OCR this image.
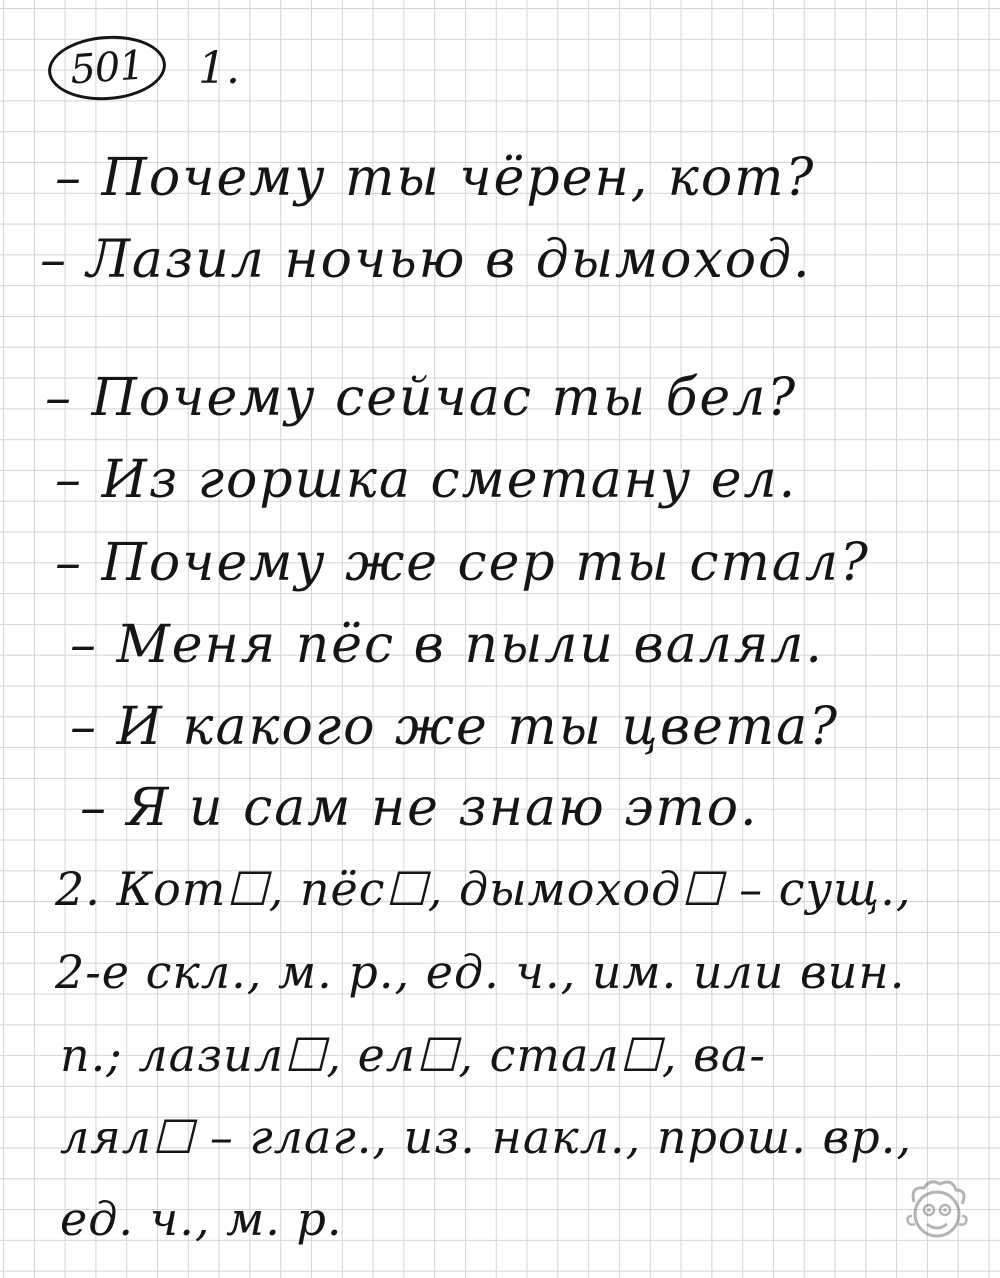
501	1.
– Почему ты чёрен, кот?
– Лазил ночью в дымоход.
– Почему сейчас ты бел?
– Из горшка сметану ел.
– Почему же сер ты стал?
– Меня пёс в пыли валял.
– И какого же ты цвета?
– Я и сам не знаю это.
2. Кот☐, пёс☐, дымоход☐ – сущ.,
2-е скл., м. р., ед. ч., им. или вин.
п.; лазил☐, ел☐, стал☐, ва-
лял☐ – глаг., из. накл., прош. вр.,
ед. ч., м. р.
